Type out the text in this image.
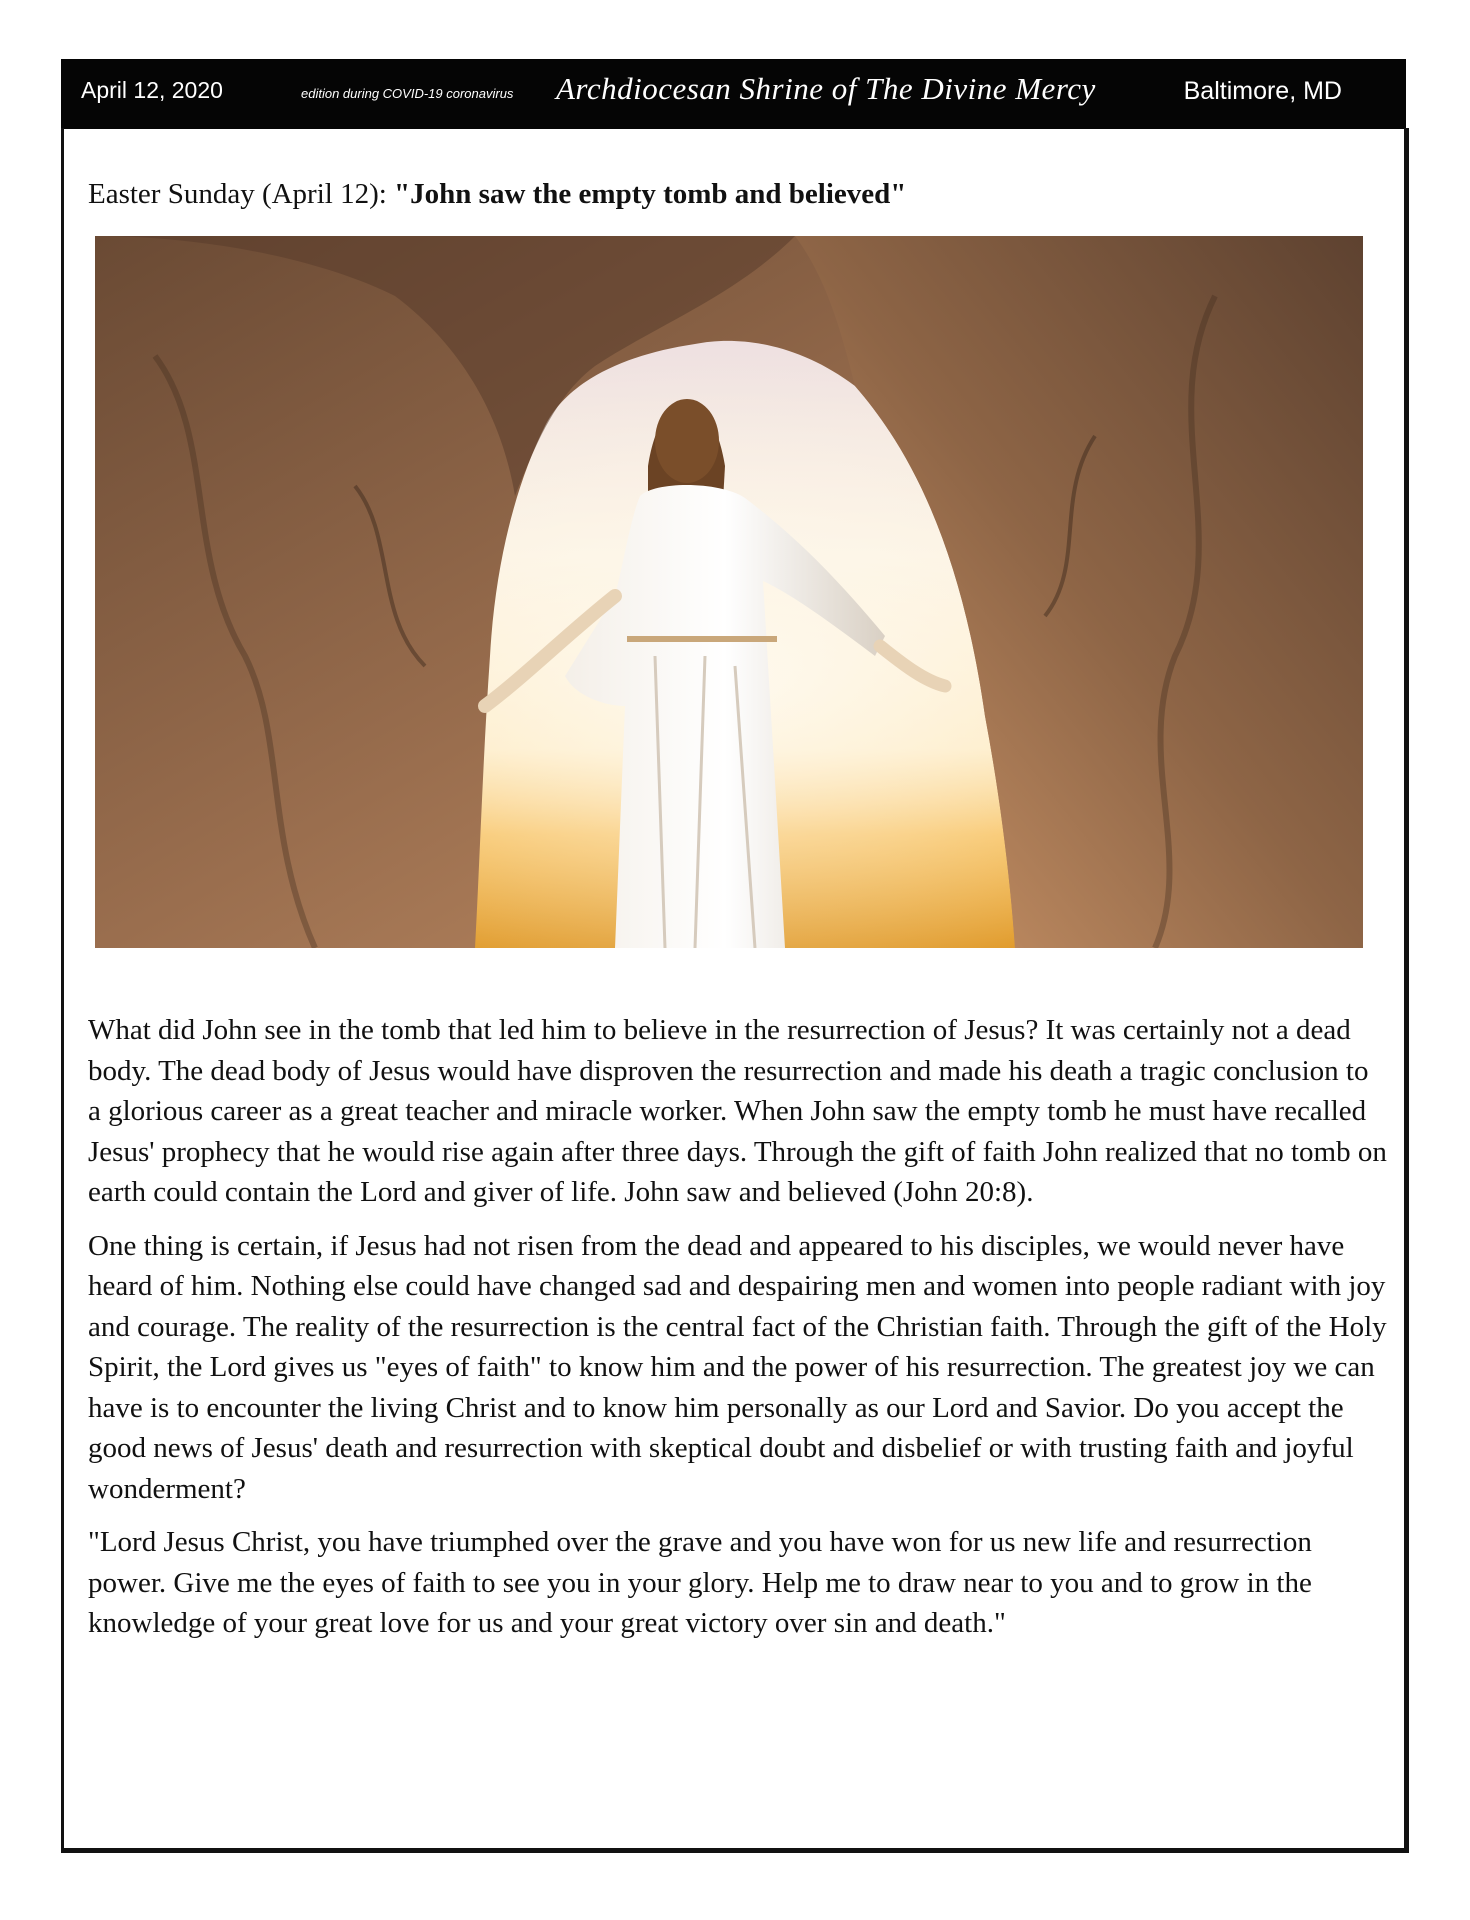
April 12, 2020	edition during COVID-19 coronavirus Archdiocesan Shrine of The Divine Mercy	Baltimore, MD
Easter Sunday (April 12): "John saw the empty tomb and believed"

What did John see in the tomb that led him to believe in the resurrection of Jesus? It was certainly not a dead body. The dead body of Jesus would have disproven the resurrection and made his death a tragic conclusion to a glorious career as a great teacher and miracle worker. When John saw the empty tomb he must have recalled Jesus' prophecy that he would rise again after three days. Through the gift of faith John realized that no tomb on earth could contain the Lord and giver of life. John saw and believed (John 20:8).

One thing is certain, if Jesus had not risen from the dead and appeared to his disciples, we would never have heard of him. Nothing else could have changed sad and despairing men and women into people radiant with joy and courage. The reality of the resurrection is the central fact of the Christian faith. Through the gift of the Holy Spirit, the Lord gives us "eyes of faith" to know him and the power of his resurrection. The greatest joy we can have is to encounter the living Christ and to know him personally as our Lord and Savior. Do you accept the good news of Jesus' death and resurrection with skeptical doubt and disbelief or with trusting faith and joyful wonderment?

"Lord Jesus Christ, you have triumphed over the grave and you have won for us new life and resurrection power. Give me the eyes of faith to see you in your glory. Help me to draw near to you and to grow in the knowledge of your great love for us and your great victory over sin and death."
